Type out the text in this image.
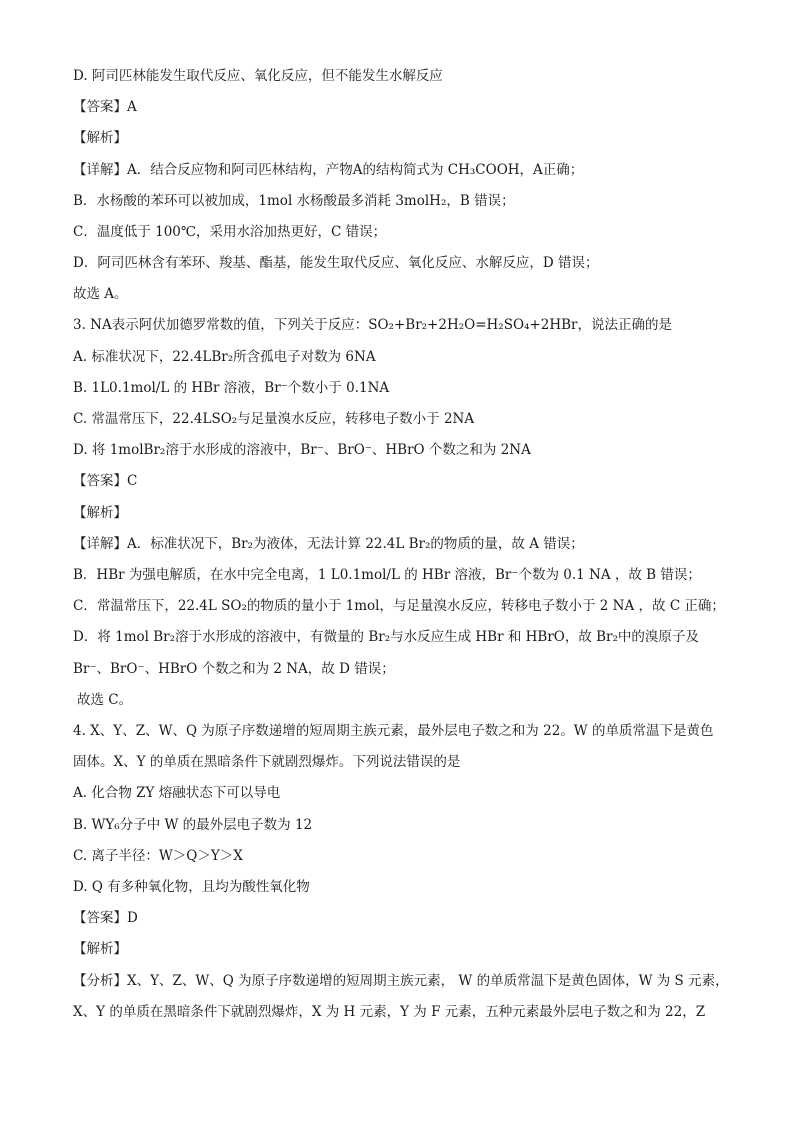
D. 阿司匹林能发生取代反应、氧化反应，但不能发生水解反应
【答案】A
【解析】
【详解】A．结合反应物和阿司匹林结构，产物A的结构简式为 CH₃COOH，A正确；
B．水杨酸的苯环可以被加成，1mol 水杨酸最多消耗 3molH₂，B 错误；
C．温度低于 100℃，采用水浴加热更好，C 错误；
D．阿司匹林含有苯环、羧基、酯基，能发生取代反应、氧化反应、水解反应，D 错误；
故选 A。
3. NA表示阿伏加德罗常数的值，下列关于反应：SO₂+Br₂+2H₂O=H₂SO₄+2HBr，说法正确的是
A. 标准状况下，22.4LBr₂所含孤电子对数为 6NA
B. 1L0.1mol/L 的 HBr 溶液，Br⁻个数小于 0.1NA
C. 常温常压下，22.4LSO₂与足量溴水反应，转移电子数小于 2NA
D. 将 1molBr₂溶于水形成的溶液中，Br⁻、BrO⁻、HBrO 个数之和为 2NA
【答案】C
【解析】
【详解】A．标准状况下，Br₂为液体，无法计算 22.4L Br₂的物质的量，故 A 错误；
B．HBr 为强电解质，在水中完全电离，1 L0.1mol/L 的 HBr 溶液，Br⁻个数为 0.1 NA ，故 B 错误；
C．常温常压下，22.4L SO₂的物质的量小于 1mol，与足量溴水反应，转移电子数小于 2 NA ，故 C 正确；
D．将 1mol Br₂溶于水形成的溶液中，有微量的 Br₂与水反应生成 HBr 和 HBrO，故 Br₂中的溴原子及
Br⁻、BrO⁻、HBrO 个数之和为 2 NA，故 D 错误；
故选 C。
4. X、Y、Z、W、Q 为原子序数递增的短周期主族元素，最外层电子数之和为 22。W 的单质常温下是黄色
固体。X、Y 的单质在黑暗条件下就剧烈爆炸。下列说法错误的是
A. 化合物 ZY 熔融状态下可以导电
B. WY₆分子中 W 的最外层电子数为 12
C. 离子半径：W＞Q＞Y＞X
D. Q 有多种氧化物，且均为酸性氧化物
【答案】D
【解析】
【分析】X、Y、Z、W、Q 为原子序数递增的短周期主族元素， W 的单质常温下是黄色固体，W 为 S 元素，
X、Y 的单质在黑暗条件下就剧烈爆炸，X 为 H 元素，Y 为 F 元素，五种元素最外层电子数之和为 22，Z
